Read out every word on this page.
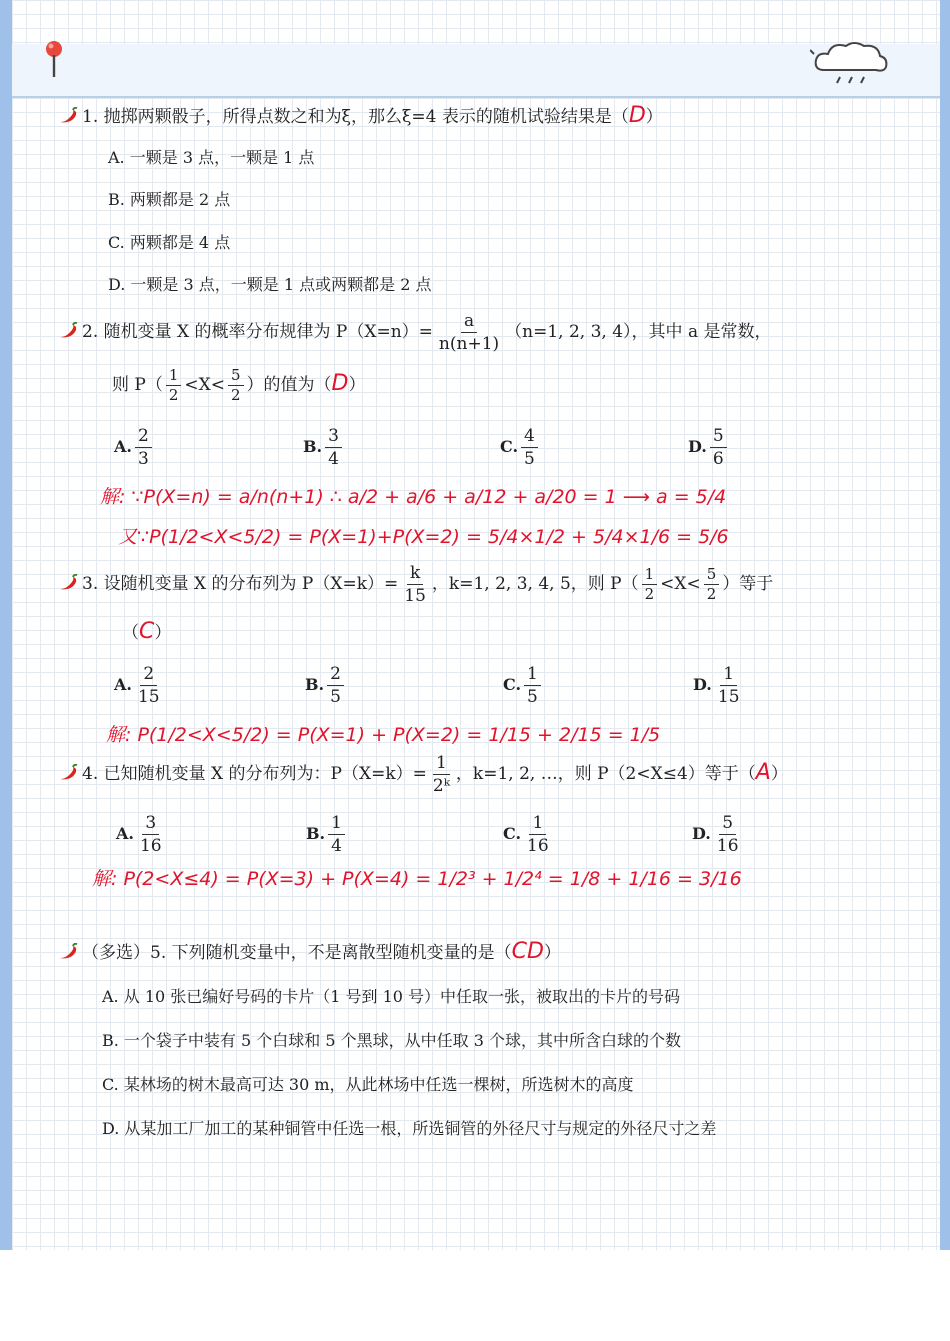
1. 抛掷两颗骰子，所得点数之和为ξ，那么ξ=4 表示的随机试验结果是（D）
A. 一颗是 3 点，一颗是 1 点
B. 两颗都是 2 点
C. 两颗都是 4 点
D. 一颗是 3 点，一颗是 1 点或两颗都是 2 点
2. 随机变量 X 的概率分布规律为 $P(X=n)= \frac{a}{n(n+1)} (n=1$, 2, 3, 4），其中 a 是常数，
则 $P( \frac{1}{2} <X< \frac{5}{2}$ ）的值为（D）
A. $\frac{2}{3}$	B. $\frac{3}{4}$	C. $\frac{4}{5}$	D. $\frac{5}{6}$
解: ∵P(X=n) = a/n(n+1) ∴ a/2 + a/6 + a/12 + a/20 = 1 ⟶ a = 5/4
又∵P(1/2<X<5/2) = P(X=1)+P(X=2) = 5/4×1/2 + 5/4×1/6 = 5/6
3. 设随机变量 X 的分布列为 $P(X=k)= \frac{k}{15}$ ，k=1, 2, 3, 4, 5，则 $P( \frac{1}{2} <X< \frac{5}{2}$ ）等于
（C）
A. $\frac{2}{15}$	B. $\frac{2}{5}$	C. $\frac{1}{5}$	D. $\frac{1}{15}$
解: P(1/2<X<5/2) = P(X=1) + P(X=2) = 1/15 + 2/15 = 1/5
4. 已知随机变量 X 的分布列为：$P(X=k)= \frac{1}{\text{2ᵏ}}$ ，k=1, 2, …，则 P（2<X≤4）等于（A）
A. $\frac{3}{16}$	B. $\frac{1}{4}$	C. $\frac{1}{16}$	D. $\frac{5}{16}$
解: P(2<X≤4) = P(X=3) + P(X=4) = 1/2³ + 1/2⁴ = 1/8 + 1/16 = 3/16
（多选）5. 下列随机变量中，不是离散型随机变量的是（CD）
A. 从 10 张已编好号码的卡片（1 号到 10 号）中任取一张，被取出的卡片的号码
B. 一个袋子中装有 5 个白球和 5 个黑球，从中任取 3 个球，其中所含白球的个数
C. 某林场的树木最高可达 30 m，从此林场中任选一棵树，所选树木的高度
D. 从某加工厂加工的某种铜管中任选一根，所选铜管的外径尺寸与规定的外径尺寸之差
